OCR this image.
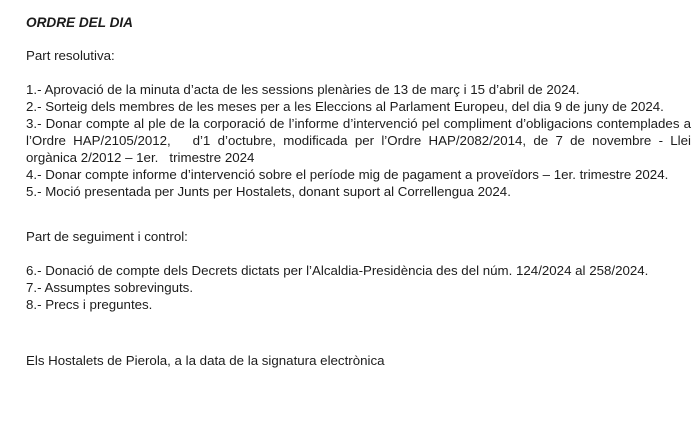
ORDRE DEL DIA

Part resolutiva:

1.- Aprovació de la minuta d’acta de les sessions plenàries de 13 de març i 15 d’abril de 2024.

2.- Sorteig dels membres de les meses per a les Eleccions al Parlament Europeu, del dia 9 de juny de 2024.

3.- Donar compte al ple de la corporació de l’informe d’intervenció pel compliment d’obligacions contemplades a l’Ordre HAP/2105/2012,   d’1 d’octubre, modificada per l’Ordre HAP/2082/2014, de 7 de novembre - Llei orgànica 2/2012 – 1er.   trimestre 2024

4.- Donar compte informe d’intervenció sobre el període mig de pagament a proveïdors – 1er. trimestre 2024.

5.- Moció presentada per Junts per Hostalets, donant suport al Correllengua 2024.

Part de seguiment i control:

6.- Donació de compte dels Decrets dictats per l’Alcaldia-Presidència des del núm. 124/2024 al 258/2024.

7.- Assumptes sobrevinguts.

8.- Precs i preguntes.

Els Hostalets de Pierola, a la data de la signatura electrònica
